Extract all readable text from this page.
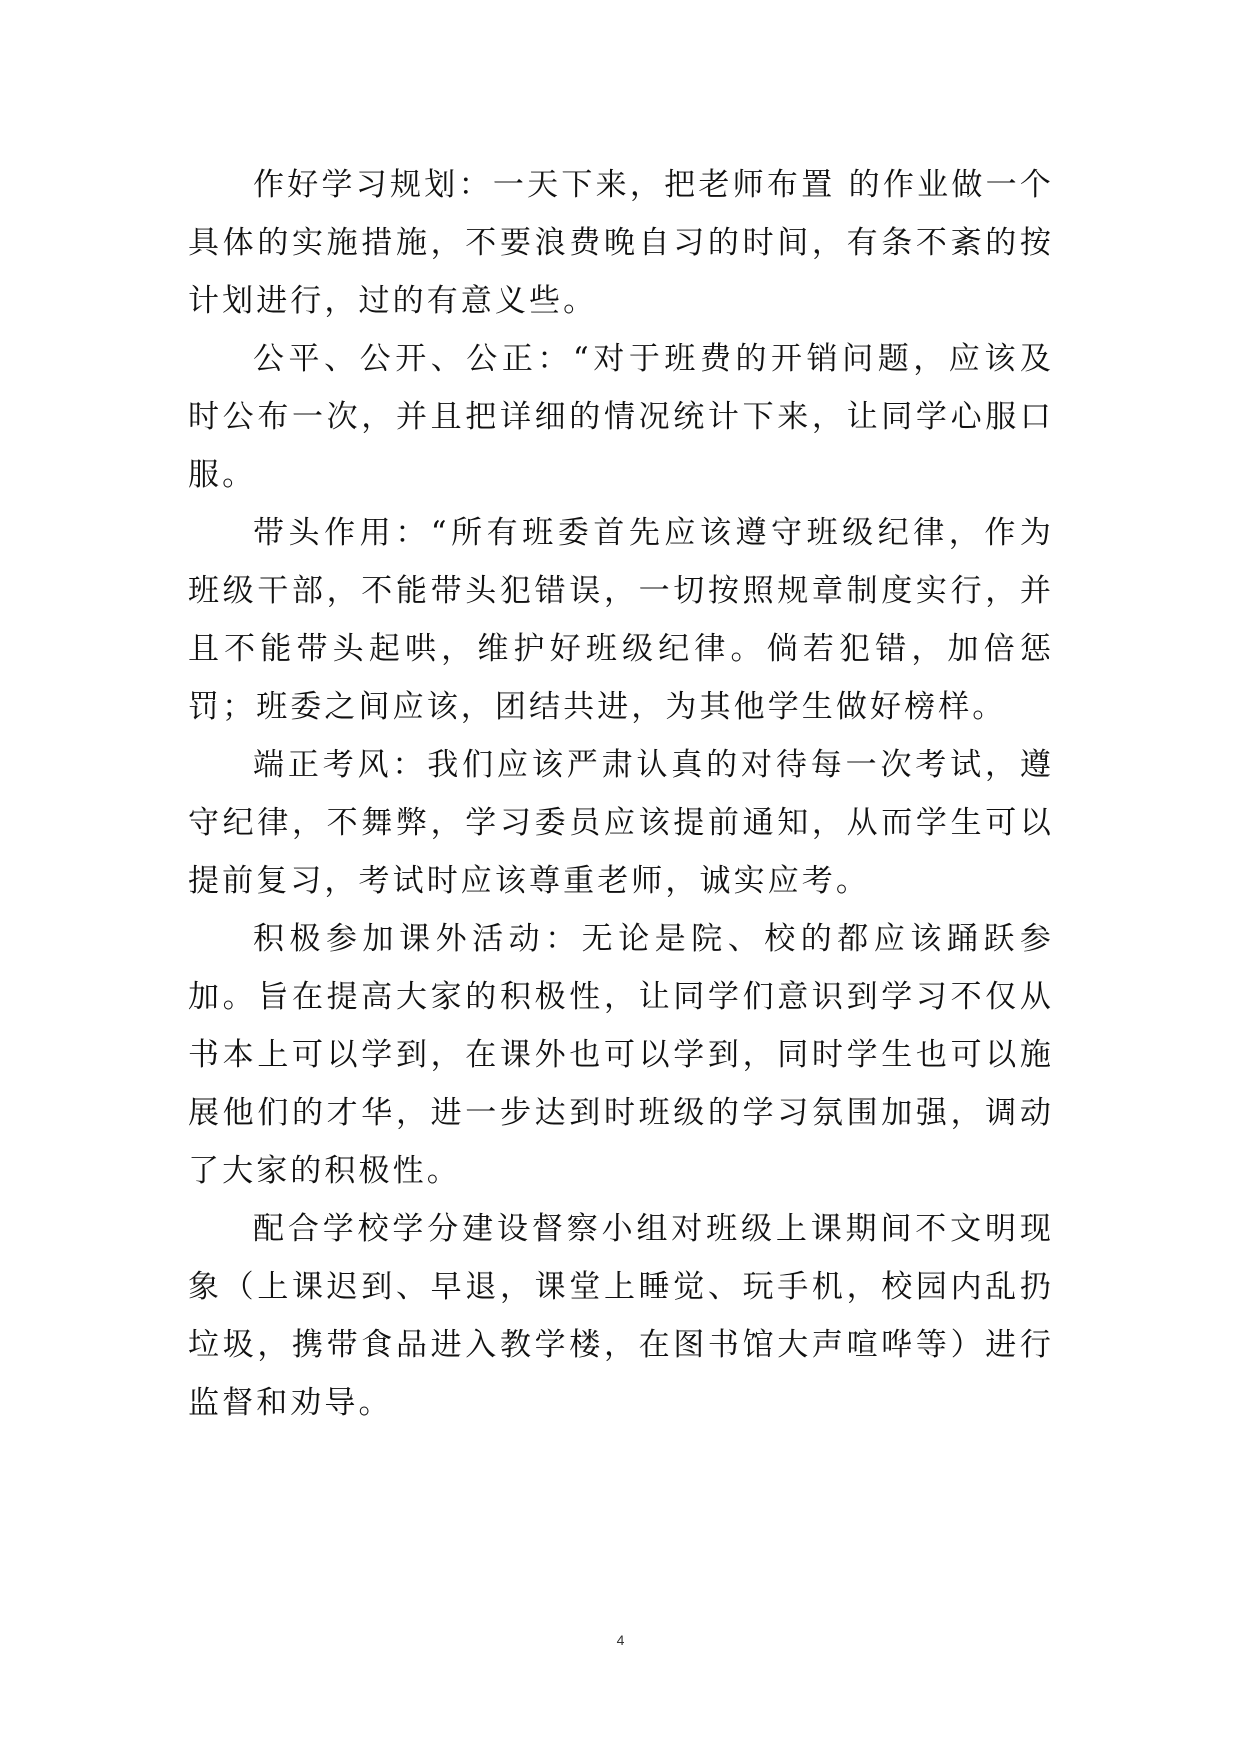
作好学习规划：一天下来，把老师布置 的作业做一个具体的实施措施，不要浪费晚自习的时间，有条不紊的按计划进行，过的有意义些。

公平、公开、公正：“对于班费的开销问题，应该及时公布一次，并且把详细的情况统计下来，让同学心服口服。

带头作用：“所有班委首先应该遵守班级纪律，作为班级干部，不能带头犯错误，一切按照规章制度实行，并且不能带头起哄，维护好班级纪律。倘若犯错，加倍惩罚；班委之间应该，团结共进，为其他学生做好榜样。

端正考风：我们应该严肃认真的对待每一次考试，遵守纪律，不舞弊，学习委员应该提前通知，从而学生可以提前复习，考试时应该尊重老师，诚实应考。

积极参加课外活动：无论是院、校的都应该踊跃参加。旨在提高大家的积极性，让同学们意识到学习不仅从书本上可以学到，在课外也可以学到，同时学生也可以施展他们的才华，进一步达到时班级的学习氛围加强，调动了大家的积极性。

配合学校学分建设督察小组对班级上课期间不文明现象（上课迟到、早退，课堂上睡觉、玩手机，校园内乱扔垃圾，携带食品进入教学楼，在图书馆大声喧哗等）进行监督和劝导。

4
